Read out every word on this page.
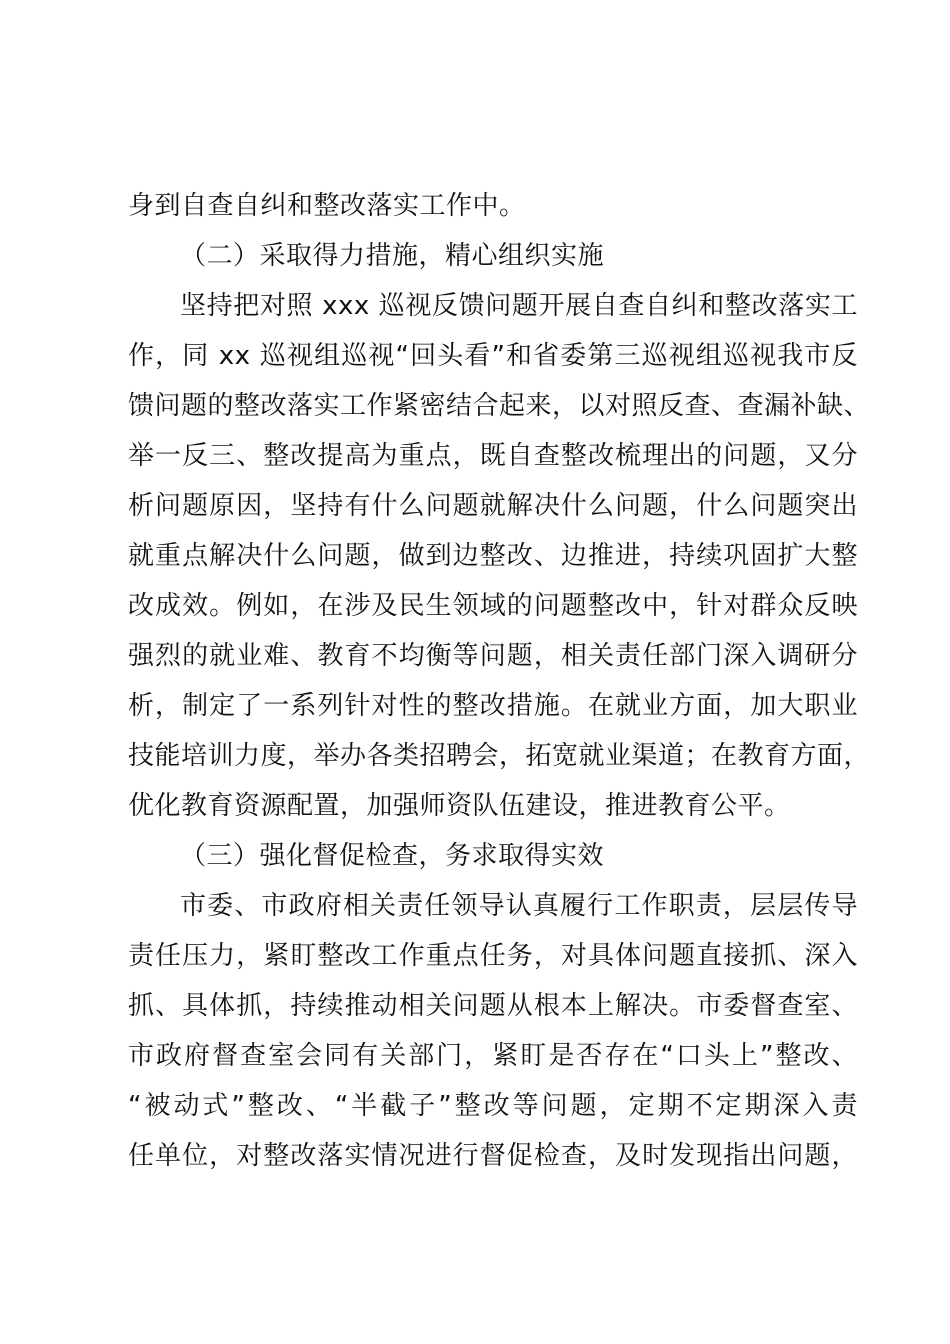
身到自查自纠和整改落实工作中。
（二）采取得力措施，精心组织实施
坚持把对照 xxx 巡视反馈问题开展自查自纠和整改落实工
作，同 xx 巡视组巡视“回头看”和省委第三巡视组巡视我市反
馈问题的整改落实工作紧密结合起来，以对照反查、查漏补缺、
举一反三、整改提高为重点，既自查整改梳理出的问题，又分
析问题原因，坚持有什么问题就解决什么问题，什么问题突出
就重点解决什么问题，做到边整改、边推进，持续巩固扩大整
改成效。例如，在涉及民生领域的问题整改中，针对群众反映
强烈的就业难、教育不均衡等问题，相关责任部门深入调研分
析，制定了一系列针对性的整改措施。在就业方面，加大职业
技能培训力度，举办各类招聘会，拓宽就业渠道；在教育方面，
优化教育资源配置，加强师资队伍建设，推进教育公平。
（三）强化督促检查，务求取得实效
市委、市政府相关责任领导认真履行工作职责，层层传导
责任压力，紧盯整改工作重点任务，对具体问题直接抓、深入
抓、具体抓，持续推动相关问题从根本上解决。市委督查室、
市政府督查室会同有关部门，紧盯是否存在“口头上”整改、
“被动式”整改、“半截子”整改等问题，定期不定期深入责
任单位，对整改落实情况进行督促检查，及时发现指出问题，
